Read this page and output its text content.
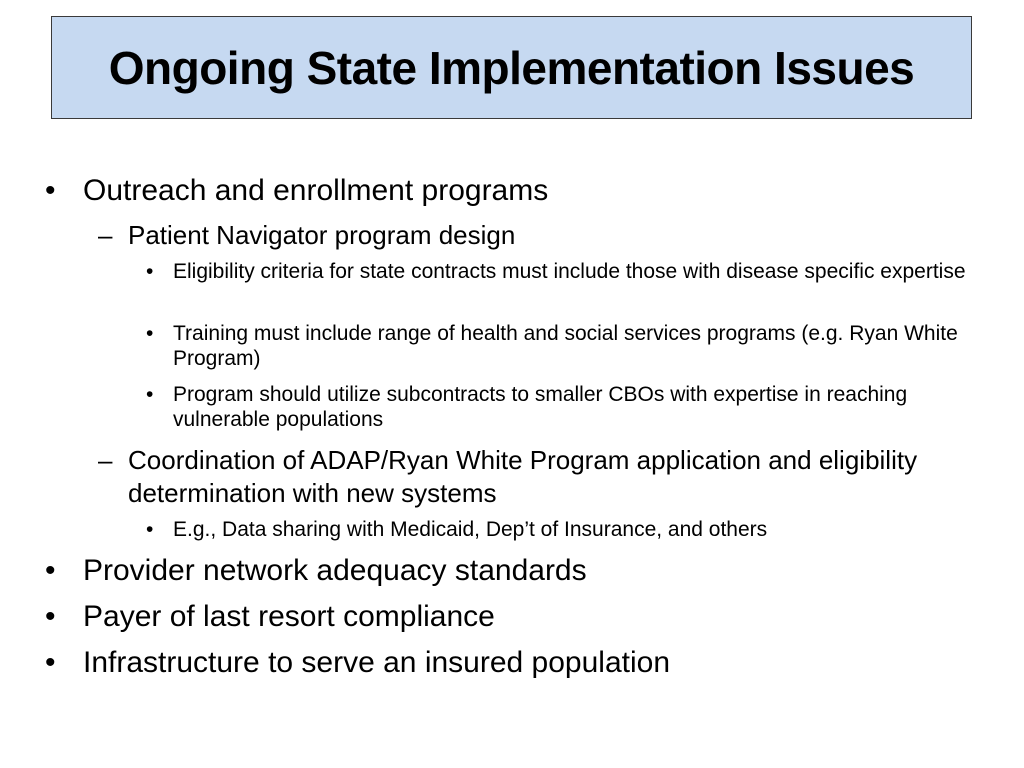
Ongoing State Implementation Issues
• Outreach and enrollment programs
– Patient Navigator program design
• Eligibility criteria for state contracts must include those with disease specific expertise
• Training must include range of health and social services programs (e.g. Ryan White Program)
• Program should utilize subcontracts to smaller CBOs with expertise in reaching vulnerable populations
– Coordination of ADAP/Ryan White Program application and eligibility determination with new systems
• E.g., Data sharing with Medicaid, Dep’t of Insurance, and others
• Provider network adequacy standards
• Payer of last resort compliance
• Infrastructure to serve an insured population
